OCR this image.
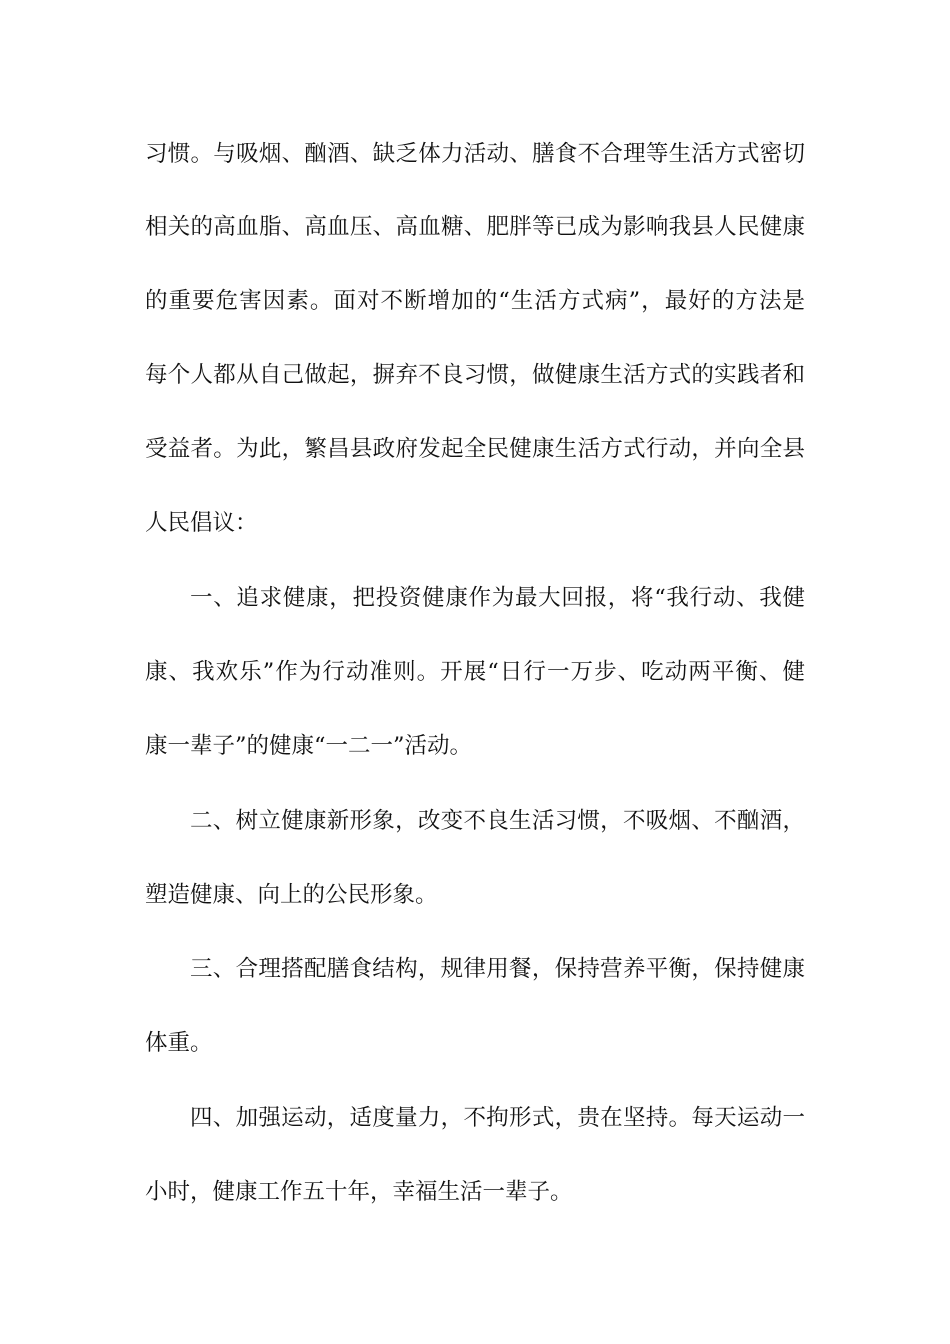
习惯。与吸烟、酗酒、缺乏体力活动、膳食不合理等生活方式密切
相关的高血脂、高血压、高血糖、肥胖等已成为影响我县人民健康
的重要危害因素。面对不断增加的“生活方式病”，最好的方法是
每个人都从自己做起，摒弃不良习惯，做健康生活方式的实践者和
受益者。为此，繁昌县政府发起全民健康生活方式行动，并向全县
人民倡议：
一、追求健康，把投资健康作为最大回报，将“我行动、我健
康、我欢乐”作为行动准则。开展“日行一万步、吃动两平衡、健
康一辈子”的健康“一二一”活动。
二、树立健康新形象，改变不良生活习惯，不吸烟、不酗酒，
塑造健康、向上的公民形象。
三、合理搭配膳食结构，规律用餐，保持营养平衡，保持健康
体重。
四、加强运动，适度量力，不拘形式，贵在坚持。每天运动一
小时，健康工作五十年，幸福生活一辈子。
